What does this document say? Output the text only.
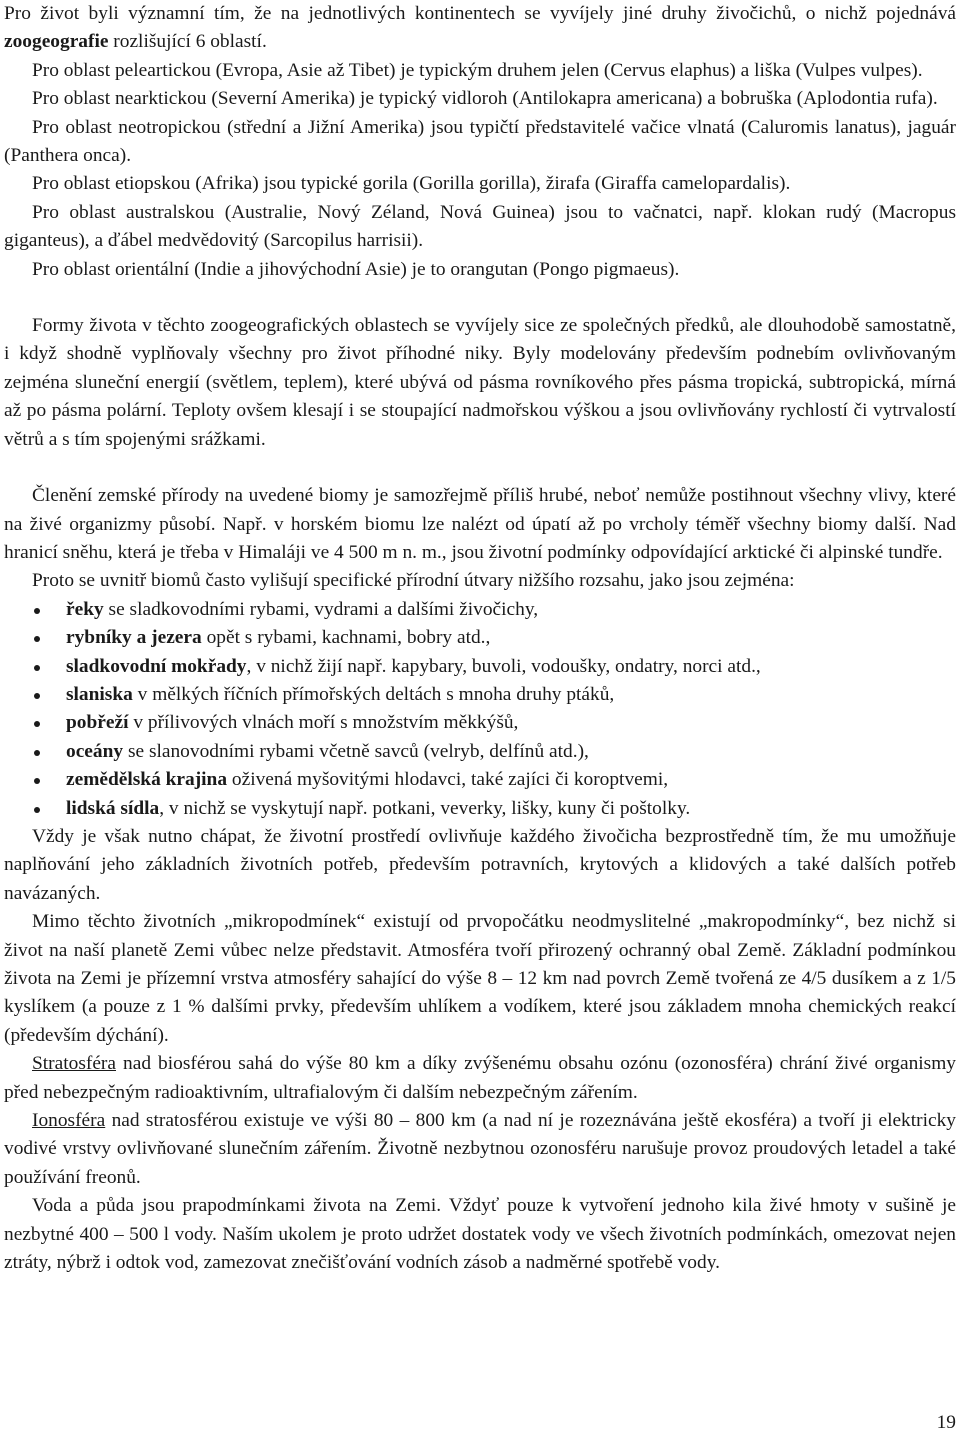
Pro život byli významní tím, že na jednotlivých kontinentech se vyvíjely jiné druhy živočichů, o nichž pojednává zoogeografie rozlišující 6 oblastí.

Pro oblast peleartickou (Evropa, Asie až Tibet) je typickým druhem jelen (Cervus elaphus) a liška (Vulpes vulpes).

Pro oblast nearktickou (Severní Amerika) je typický vidloroh (Antilokapra americana) a bobruška (Aplodontia rufa).

Pro oblast neotropickou (střední a Jižní Amerika) jsou typičtí představitelé vačice vlnatá (Caluromis lanatus), jaguár (Panthera onca).

Pro oblast etiopskou (Afrika) jsou typické gorila (Gorilla gorilla), žirafa (Giraffa camelopardalis).

Pro oblast australskou (Australie, Nový Zéland, Nová Guinea) jsou to vačnatci, např. klokan rudý (Macropus giganteus), a ďábel medvědovitý (Sarcopilus harrisii).

Pro oblast orientální (Indie a jihovýchodní Asie) je to orangutan (Pongo pigmaeus).

Formy života v těchto zoogeografických oblastech se vyvíjely sice ze společných předků, ale dlouhodobě samostatně, i když shodně vyplňovaly všechny pro život příhodné niky. Byly modelovány především podnebím ovlivňovaným zejména sluneční energií (světlem, teplem), které ubývá od pásma rovníkového přes pásma tropická, subtropická, mírná až po pásma polární. Teploty ovšem klesají i se stoupající nadmořskou výškou a jsou ovlivňovány rychlostí či vytrvalostí větrů a s tím spojenými srážkami.

Členění zemské přírody na uvedené biomy je samozřejmě příliš hrubé, neboť nemůže postihnout všechny vlivy, které na živé organizmy působí. Např. v horském biomu lze nalézt od úpatí až po vrcholy téměř všechny biomy další. Nad hranicí sněhu, která je třeba v Himaláji ve 4 500 m n. m., jsou životní podmínky odpovídající arktické či alpinské tundře.

Proto se uvnitř biomů často vylišují specifické přírodní útvary nižšího rozsahu, jako jsou zejména:

řeky se sladkovodními rybami, vydrami a dalšími živočichy,
rybníky a jezera opět s rybami, kachnami, bobry atd.,
sladkovodní mokřady, v nichž žijí např. kapybary, buvoli, vodoušky, ondatry, norci atd.,
slaniska v mělkých říčních přímořských deltách s mnoha druhy ptáků,
pobřeží v přílivových vlnách moří s množstvím měkkýšů,
oceány se slanovodními rybami včetně savců (velryb, delfínů atd.),
zemědělská krajina oživená myšovitými hlodavci, také zajíci či koroptvemi,
lidská sídla, v nichž se vyskytují např. potkani, veverky, lišky, kuny či poštolky.

Vždy je však nutno chápat, že životní prostředí ovlivňuje každého živočicha bezprostředně tím, že mu umožňuje naplňování jeho základních životních potřeb, především potravních, krytových a klidových a také dalších potřeb navázaných.

Mimo těchto životních „mikropodmínek“ existují od prvopočátku neodmyslitelné „makropodmínky“, bez nichž si život na naší planetě Zemi vůbec nelze představit. Atmosféra tvoří přirozený ochranný obal Země. Základní podmínkou života na Zemi je přízemní vrstva atmosféry sahající do výše 8 – 12 km nad povrch Země tvořená ze 4/5 dusíkem a z 1/5 kyslíkem (a pouze z 1 % dalšími prvky, především uhlíkem a vodíkem, které jsou základem mnoha chemických reakcí (především dýchání).

Stratosféra nad biosférou sahá do výše 80 km a díky zvýšenému obsahu ozónu (ozonosféra) chrání živé organismy před nebezpečným radioaktivním, ultrafialovým či dalším nebezpečným zářením.

Ionosféra nad stratosférou existuje ve výši 80 – 800 km (a nad ní je rozeznávána ještě ekosféra) a tvoří ji elektricky vodivé vrstvy ovlivňované slunečním zářením. Životně nezbytnou ozonosféru narušuje provoz proudových letadel a také používání freonů.

Voda a půda jsou prapodmínkami života na Zemi. Vždyť pouze k vytvoření jednoho kila živé hmoty v sušině je nezbytné 400 – 500 l vody. Naším ukolem je proto udržet dostatek vody ve všech životních podmínkách, omezovat nejen ztráty, nýbrž i odtok vod, zamezovat znečišťování vodních zásob a nadměrné spotřebě vody.

19
